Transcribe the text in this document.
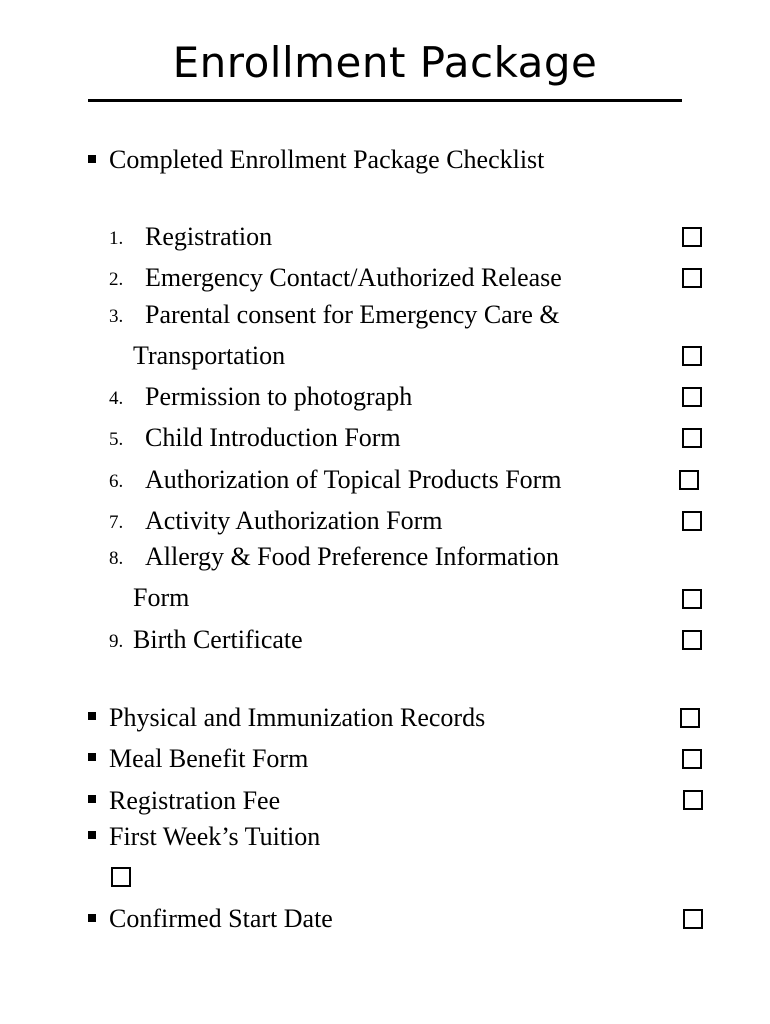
Enrollment Package
Completed Enrollment Package Checklist
1. Registration
2. Emergency Contact/Authorized Release
3. Parental consent for Emergency Care &
Transportation
4. Permission to photograph
5. Child Introduction Form
6. Authorization of Topical Products Form
7. Activity Authorization Form
8. Allergy & Food Preference Information
Form
9. Birth Certificate
Physical and Immunization Records
Meal Benefit Form
Registration Fee
First Week’s Tuition
Confirmed Start Date
